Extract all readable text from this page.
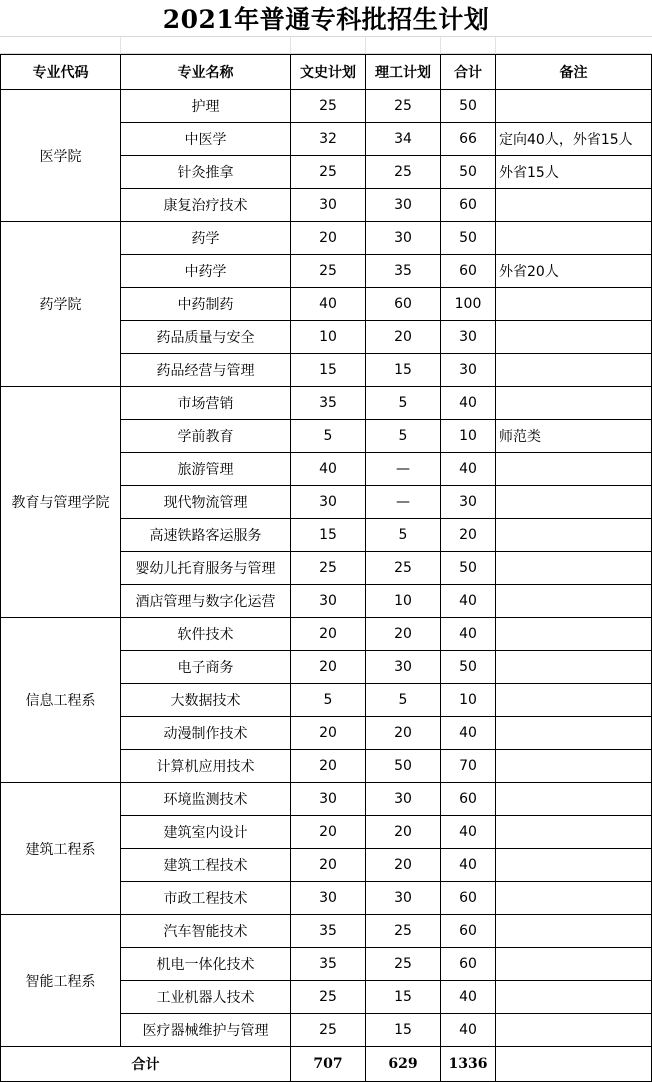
2021年普通专科批招生计划
专业代码	专业名称	文史计划	理工计划	合计	备注
医学院	护理	25	25	50	
	中医学	32	34	66	定向40人，外省15人
	针灸推拿	25	25	50	外省15人
	康复治疗技术	30	30	60	
药学院	药学	20	30	50	
	中药学	25	35	60	外省20人
	中药制药	40	60	100	
	药品质量与安全	10	20	30	
	药品经营与管理	15	15	30	
教育与管理学院	市场营销	35	5	40	
	学前教育	5	5	10	师范类
	旅游管理	40	—	40	
	现代物流管理	30	—	30	
	高速铁路客运服务	15	5	20	
	婴幼儿托育服务与管理	25	25	50	
	酒店管理与数字化运营	30	10	40	
信息工程系	软件技术	20	20	40	
	电子商务	20	30	50	
	大数据技术	5	5	10	
	动漫制作技术	20	20	40	
	计算机应用技术	20	50	70	
建筑工程系	环境监测技术	30	30	60	
	建筑室内设计	20	20	40	
	建筑工程技术	20	20	40	
	市政工程技术	30	30	60	
智能工程系	汽车智能技术	35	25	60	
	机电一体化技术	35	25	60	
	工业机器人技术	25	15	40	
	医疗器械维护与管理	25	15	40	
合计		707	629	1336	
